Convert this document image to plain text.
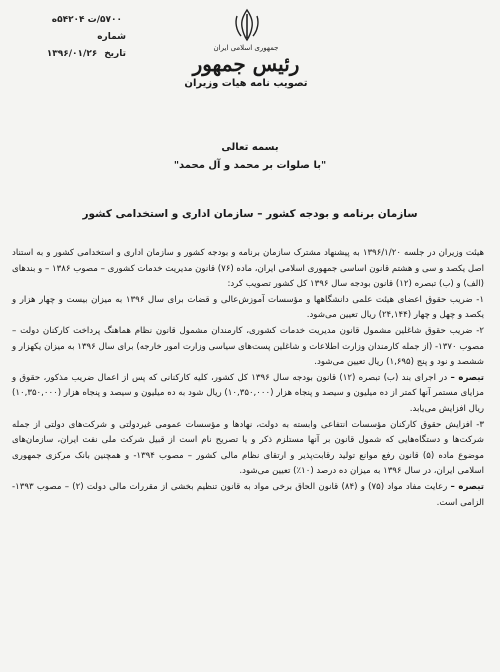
۵۷۰۰/ت ۵۴۲۰۴ه
شماره
تاریخ ۱۳۹۶/۰۱/۲۶
جمهوری اسلامی ایران
رئیس جمهور
تصویب نامه هیات وزیران
بسمه تعالی
"با صلوات بر محمد و آل محمد"
سازمان برنامه و بودجه کشور – سازمان اداری و استخدامی کشور

هیئت وزیران در جلسه ۱۳۹۶/۱/۲۰ به پیشنهاد مشترک سازمان برنامه و بودجه کشور و سازمان اداری و استخدامی کشور و به استناد اصل یکصد و سی و هشتم قانون اساسی جمهوری اسلامی ایران، ماده (۷۶) قانون مدیریت خدمات کشوری – مصوب ۱۳۸۶ – و بندهای (الف) و (ب) تبصره (۱۲) قانون بودجه سال ۱۳۹۶ کل کشور تصویب کرد:

۱- ضریب حقوق اعضای هیئت علمی دانشگاهها و مؤسسات آموزش‌عالی و قضات برای سال ۱۳۹۶ به میزان بیست و چهار هزار و یکصد و چهل و چهار (۲۴,۱۴۴) ریال تعیین می‌شود.

۲- ضریب حقوق شاغلین مشمول قانون مدیریت خدمات کشوری، کارمندان مشمول قانون نظام هماهنگ پرداخت کارکنان دولت – مصوب ۱۳۷۰- (از جمله کارمندان وزارت اطلاعات و شاغلین پست‌های سیاسی وزارت امور خارجه) برای سال ۱۳۹۶ به میزان یکهزار و ششصد و نود و پنج (۱,۶۹۵) ریال تعیین می‌شود.

تبصره – در اجرای بند (ب) تبصره (۱۲) قانون بودجه سال ۱۳۹۶ کل کشور، کلیه کارکنانی که پس از اعمال ضریب مذکور، حقوق و مزایای مستمر آنها کمتر از ده میلیون و سیصد و پنجاه هزار (۱۰,۳۵۰,۰۰۰) ریال شود به ده میلیون و سیصد و پنجاه هزار (۱۰,۳۵۰,۰۰۰) ریال افزایش می‌یابد.

۳- افزایش حقوق کارکنان مؤسسات انتفاعی وابسته به دولت، نهادها و مؤسسات عمومی غیردولتی و شرکت‌های دولتی از جمله شرکت‌ها و دستگاه‌هایی که شمول قانون بر آنها مستلزم ذکر و یا تصریح نام است از قبیل شرکت ملی نفت ایران، سازمان‌های موضوع ماده (۵) قانون رفع موانع تولید رقابت‌پذیر و ارتقای نظام مالی کشور – مصوب ۱۳۹۴- و همچنین بانک مرکزی جمهوری اسلامی ایران، در سال ۱۳۹۶ به میزان ده درصد (۱۰٪) تعیین می‌شود.

تبصره – رعایت مفاد مواد (۷۵) و (۸۴) قانون الحاق برخی مواد به قانون تنظیم بخشی از مقررات مالی دولت (۲) – مصوب ۱۳۹۳- الزامی است.
